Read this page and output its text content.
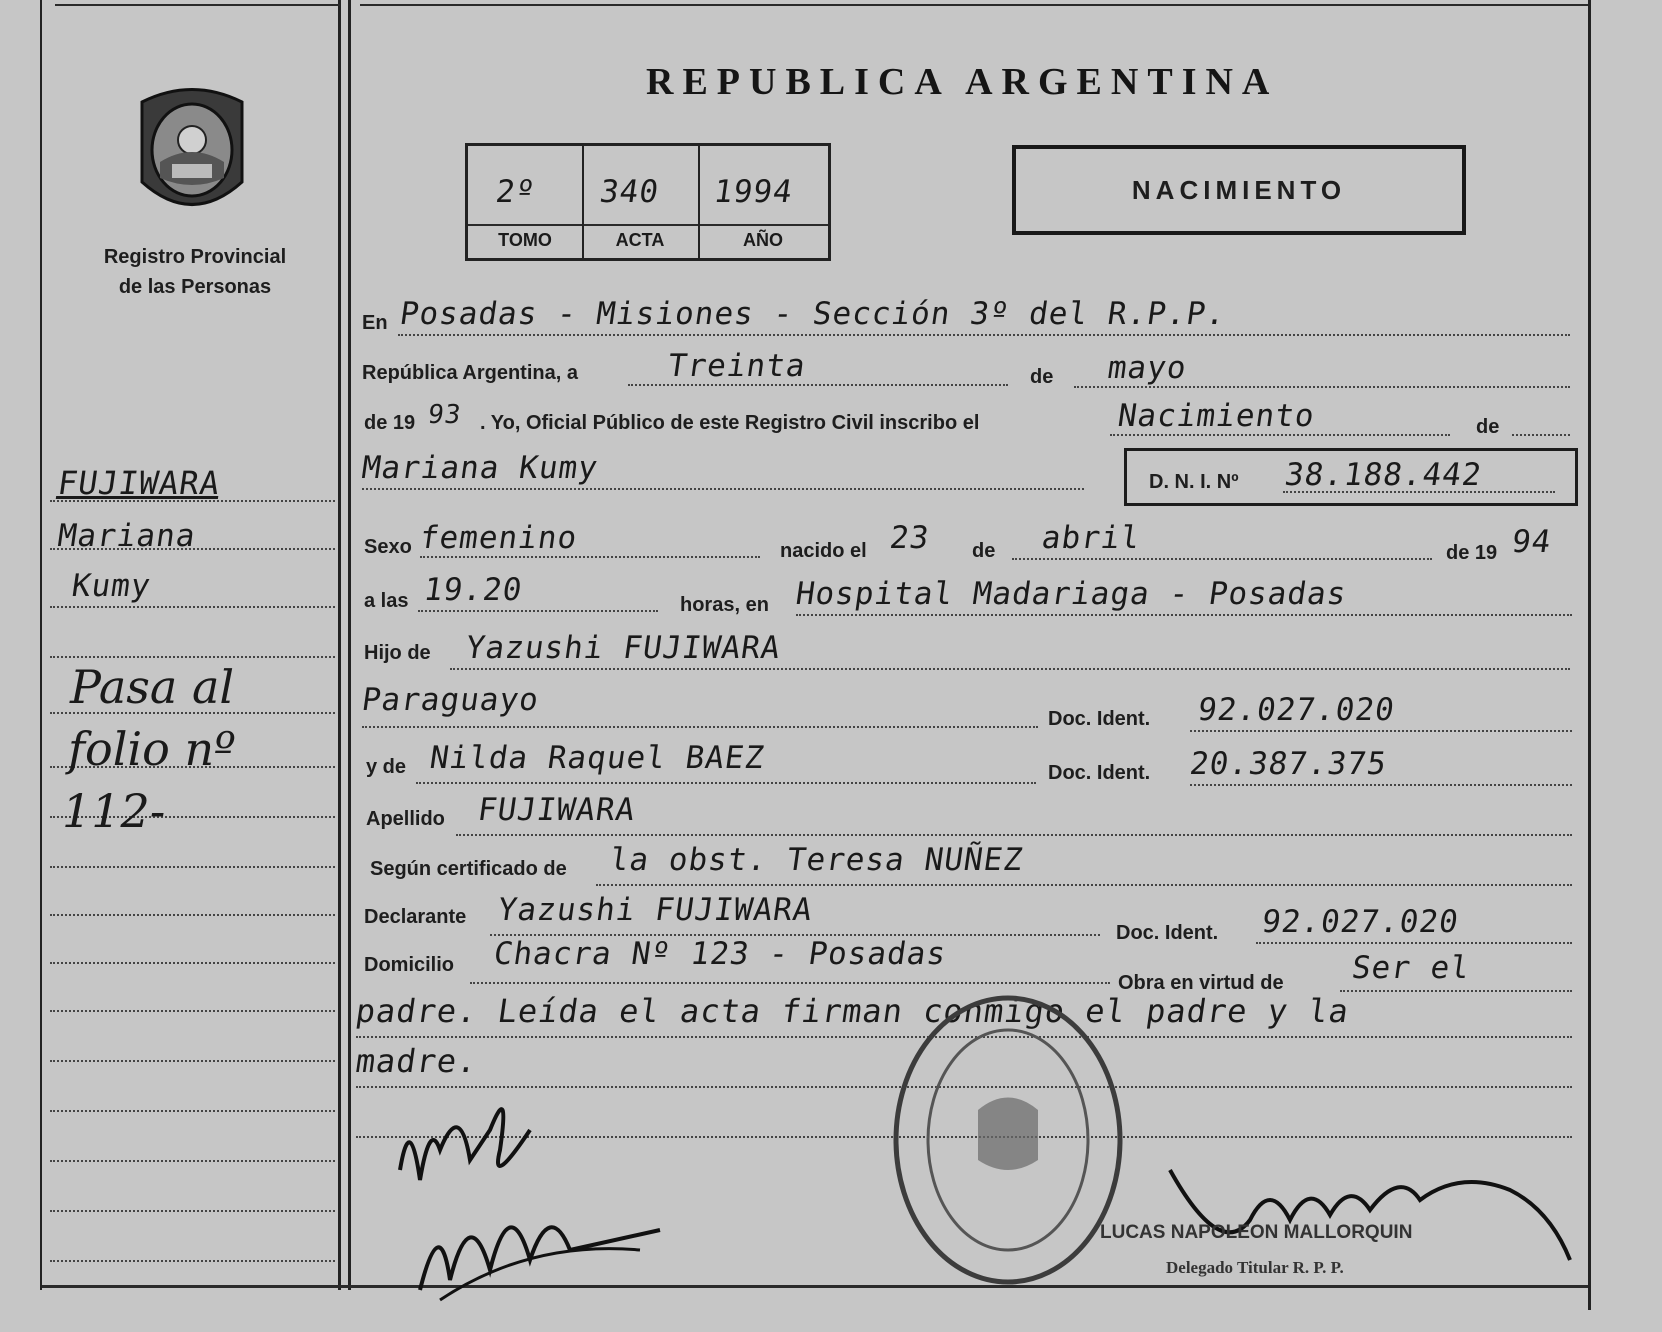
Registro Provincial
de las Personas
REPUBLICA ARGENTINA
2º 340 1994
TOMO	ACTA	AÑO
NACIMIENTO
FUJIWARA
Mariana
Kumy
Pasa al
folio nº
112-
En Posadas - Misiones - Sección 3º del R.P.P.
República Argentina, a	Treinta	de mayo
de 19 93 . Yo, Oficial Público de este Registro Civil inscribo el	Nacimiento	de
Mariana Kumy	D. N. I. Nº 38.188.442
Sexo femenino	nacido el 23 de abril	de 19 94
a las 19.20	horas, en Hospital Madariaga - Posadas
Hijo de Yazushi FUJIWARA
Paraguayo
Doc. Ident. 92.027.020
y de Nilda Raquel BAEZ	Doc. Ident. 20.387.375
Apellido FUJIWARA
Según certificado de la obst. Teresa NUÑEZ
Declarante Yazushi FUJIWARA
Doc. Ident. 92.027.020
Domicilio Chacra Nº 123 - Posadas
Obra en virtud de Ser el
padre. Leída el acta firman conmigo el padre y la
madre.
LUCAS NAPOLEON MALLORQUIN
Delegado Titular R. P. P.
